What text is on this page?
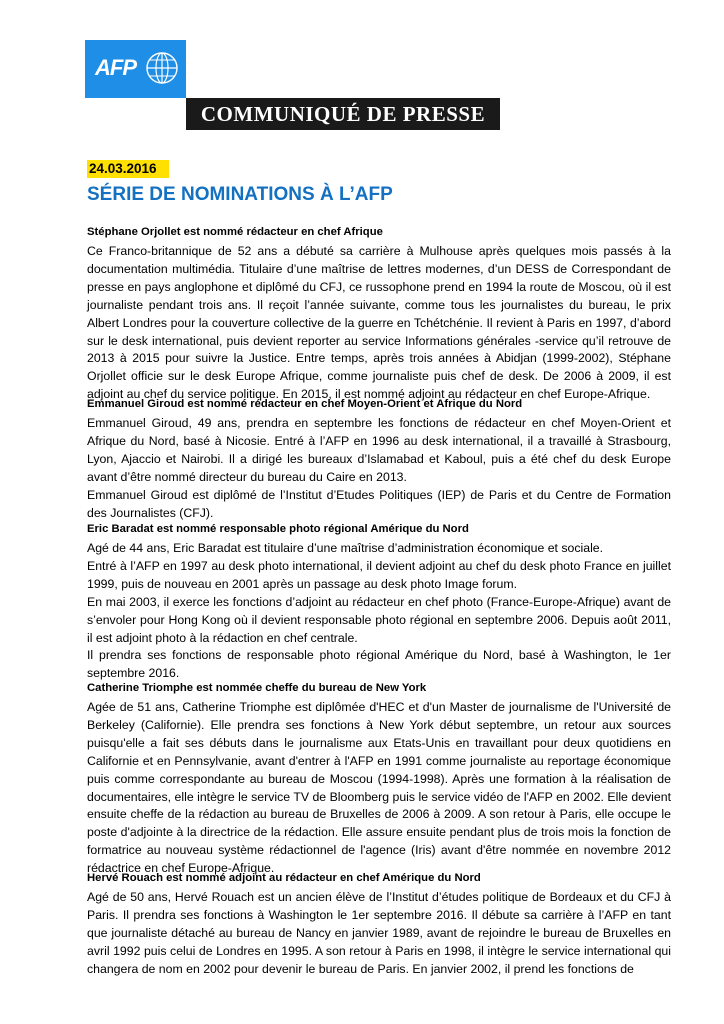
AFP
COMMUNIQUÉ DE PRESSE
24.03.2016
SÉRIE DE NOMINATIONS À L’AFP
Stéphane Orjollet est nommé rédacteur en chef Afrique

Ce Franco-britannique de 52 ans a débuté sa carrière à Mulhouse après quelques mois passés à la documentation multimédia. Titulaire d’une maîtrise de lettres modernes, d’un DESS de Correspondant de presse en pays anglophone et diplômé du CFJ, ce russophone prend en 1994 la route de Moscou, où il est journaliste pendant trois ans. Il reçoit l’année suivante, comme tous les journalistes du bureau, le prix Albert Londres pour la couverture collective de la guerre en Tchétchénie. Il revient à Paris en 1997, d’abord sur le desk international, puis devient reporter au service Informations générales -service qu’il retrouve de 2013 à 2015 pour suivre la Justice. Entre temps, après trois années à Abidjan (1999-2002), Stéphane Orjollet officie sur le desk Europe Afrique, comme journaliste puis chef de desk. De 2006 à 2009, il est adjoint au chef du service politique. En 2015, il est nommé adjoint au rédacteur en chef Europe-Afrique.

Emmanuel Giroud est nommé rédacteur en chef Moyen-Orient et Afrique du Nord

Emmanuel Giroud, 49 ans, prendra en septembre les fonctions de rédacteur en chef Moyen-Orient et Afrique du Nord, basé à Nicosie. Entré à l’AFP en 1996 au desk international, il a travaillé à Strasbourg, Lyon, Ajaccio et Nairobi. Il a dirigé les bureaux d’Islamabad et Kaboul, puis a été chef du desk Europe avant d’être nommé directeur du bureau du Caire en 2013.

Emmanuel Giroud est diplômé de l’Institut d’Etudes Politiques (IEP) de Paris et du Centre de Formation des Journalistes (CFJ).

Eric Baradat est nommé responsable photo régional Amérique du Nord

Agé de 44 ans, Eric Baradat est titulaire d’une maîtrise d’administration économique et sociale.

Entré à l’AFP en 1997 au desk photo international, il devient adjoint au chef du desk photo France en juillet 1999, puis de nouveau en 2001 après un passage au desk photo Image forum.

En mai 2003, il exerce les fonctions d’adjoint au rédacteur en chef photo (France-Europe-Afrique) avant de s’envoler pour Hong Kong où il devient responsable photo régional en septembre 2006. Depuis août 2011, il est adjoint photo à la rédaction en chef centrale.

Il prendra ses fonctions de responsable photo régional Amérique du Nord, basé à Washington, le 1er septembre 2016.

Catherine Triomphe est nommée cheffe du bureau de New York

Agée de 51 ans, Catherine Triomphe est diplômée d'HEC et d'un Master de journalisme de l'Université de Berkeley (Californie). Elle prendra ses fonctions à New York début septembre, un retour aux sources puisqu'elle a fait ses débuts dans le journalisme aux Etats-Unis en travaillant pour deux quotidiens en Californie et en Pennsylvanie, avant d'entrer à l'AFP en 1991 comme journaliste au reportage économique puis comme correspondante au bureau de Moscou (1994-1998). Après une formation à la réalisation de documentaires, elle intègre le service TV de Bloomberg puis le service vidéo de l'AFP en 2002. Elle devient ensuite cheffe de la rédaction au bureau de Bruxelles de 2006 à 2009. A son retour à Paris, elle occupe le poste d'adjointe à la directrice de la rédaction. Elle assure ensuite pendant plus de trois mois la fonction de formatrice au nouveau système rédactionnel de l'agence (Iris) avant d'être nommée en novembre 2012 rédactrice en chef Europe-Afrique.

Hervé Rouach est nommé adjoint au rédacteur en chef Amérique du Nord

Agé de 50 ans, Hervé Rouach est un ancien élève de l’Institut d’études politique de Bordeaux et du CFJ à Paris. Il prendra ses fonctions à Washington le 1er septembre 2016. Il débute sa carrière à l’AFP en tant que journaliste détaché au bureau de Nancy en janvier 1989, avant de rejoindre le bureau de Bruxelles en avril 1992 puis celui de Londres en 1995. A son retour à Paris en 1998, il intègre le service international qui changera de nom en 2002 pour devenir le bureau de Paris. En janvier 2002, il prend les fonctions de
